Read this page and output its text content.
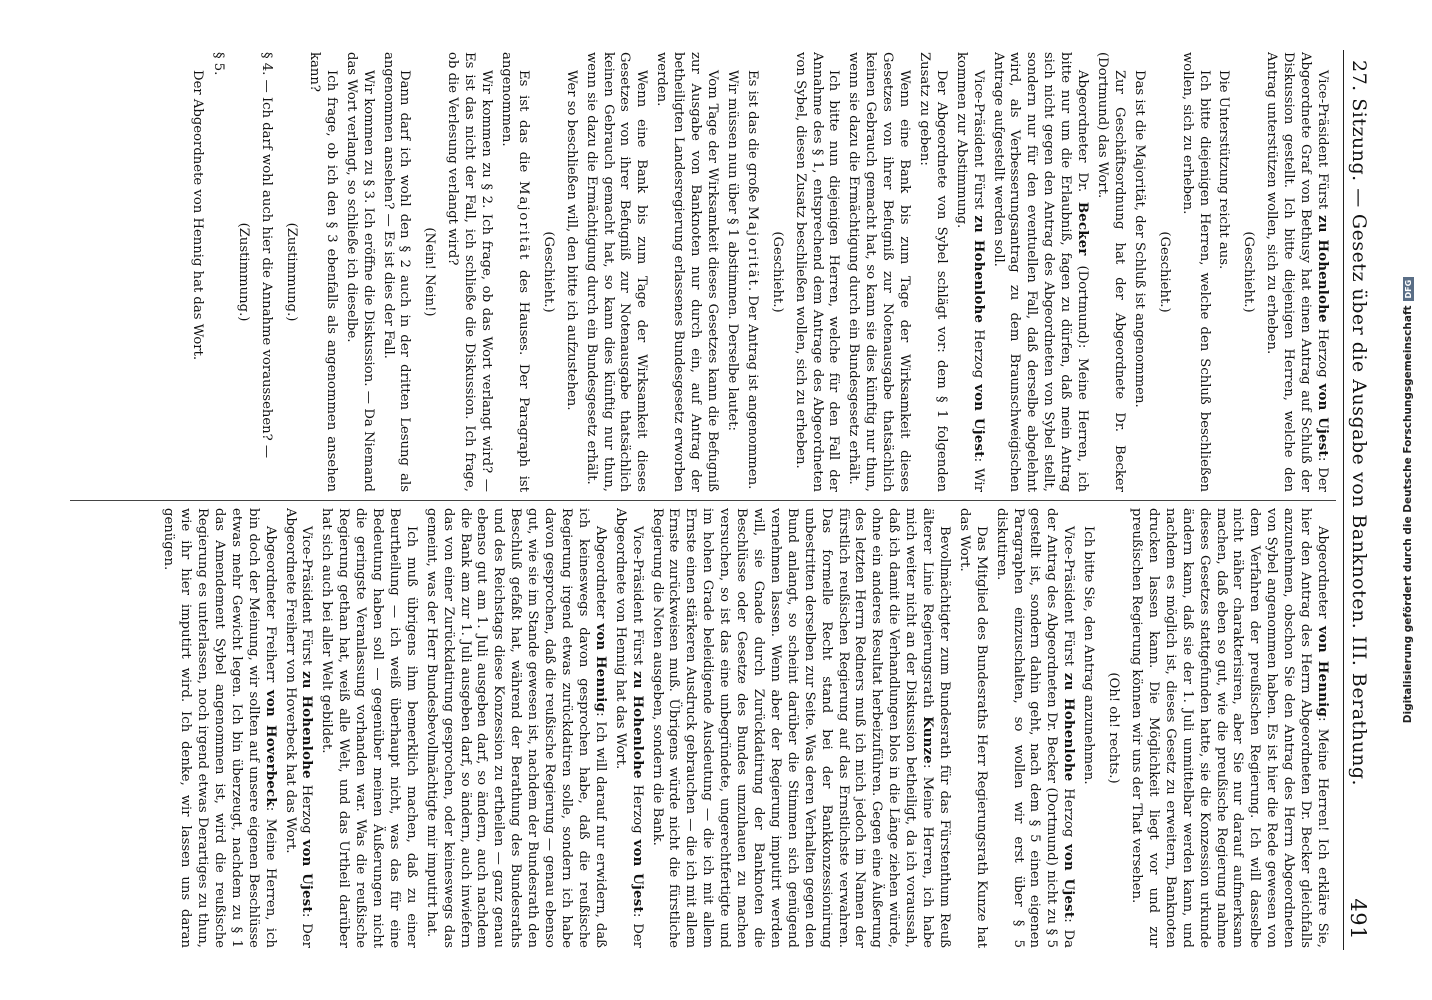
27. Sitzung. —
Gesetz über die Ausgabe von Banknoten. III. Berathung.
491

Vice-Präsident Fürst zu Hohenlohe Herzog von Ujest: Der Abgeordnete Graf von Bethusy hat einen Antrag auf Schluß der Diskussion gestellt. Ich bitte diejenigen Herren, welche den Antrag unterstützen wollen, sich zu erheben.

(Geschieht.)

Die Unterstützung reicht aus.

Ich bitte diejenigen Herren, welche den Schluß beschließen wollen, sich zu erheben.

(Geschieht.)

Das ist die Majorität, der Schluß ist angenommen.

Zur Geschäftsordnung hat der Abgeordnete Dr. Becker (Dortmund) das Wort.

Abgeordneter Dr. Becker (Dortmund): Meine Herren, ich bitte nur um die Erlaubniß, fagen zu dürfen, daß mein Antrag sich nicht gegen den Antrag des Abgeordneten von Sybel stellt, sondern nur für den eventuellen Fall, daß derselbe abgelehnt wird, als Verbesserungsantrag zu dem Braunschweigischen Antrage aufgestellt werden soll.

Vice-Präsident Fürst zu Hohenlohe Herzog von Ujest: Wir kommen zur Abstimmung.

Der Abgeordnete von Sybel schlägt vor: dem § 1 folgenden Zusatz zu geben:

Wenn eine Bank bis zum Tage der Wirksamkeit dieses Gesetzes von ihrer Befugniß zur Notenausgabe thatsächlich keinen Gebrauch gemacht hat, so kann sie dies künftig nur thun, wenn sie dazu die Ermächtigung durch ein Bundesgesetz erhält.

Ich bitte nun diejenigen Herren, welche für den Fall der Annahme des § 1, entsprechend dem Antrage des Abgeordneten von Sybel, diesen Zusatz beschließen wollen, sich zu erheben.

(Geschieht.)

Es ist das die große Majorität. Der Antrag ist angenommen.

Wir müssen nun über § 1 abstimmen. Derselbe lautet:

Vom Tage der Wirksamkeit dieses Gesetzes kann die Befugniß zur Ausgabe von Banknoten nur durch ein, auf Antrag der betheiligten Landesregierung erlassenes Bundesgesetz erworben werden.

Wenn eine Bank bis zum Tage der Wirksamkeit dieses Gesetzes von ihrer Befugniß zur Notenausgabe thatsächlich keinen Gebrauch gemacht hat, so kann dies künftig nur thun, wenn sie dazu die Ermächtigung durch ein Bundesgesetz erhält.

Wer so beschließen will, den bitte ich aufzustehen.

(Geschieht.)

Es ist das die Majorität des Hauses. Der Paragraph ist angenommen.

Wir kommen zu § 2. Ich frage, ob das Wort verlangt wird? — Es ist das nicht der Fall, ich schließe die Diskussion. Ich frage, ob die Verlesung verlangt wird?

(Nein! Nein!)

Dann darf ich wohl den § 2 auch in der dritten Lesung als angenommen ansehen? — Es ist dies der Fall.

Wir kommen zu § 3. Ich eröffne die Diskussion. — Da Niemand das Wort verlangt, so schließe ich dieselbe.

Ich frage, ob ich den § 3 ebenfalls als angenommen ansehen kann?

(Zustimmung.)

§ 4. — Ich darf wohl auch hier die Annahme voraussehen? —

(Zustimmung.)

§ 5.

Der Abgeordnete von Hennig hat das Wort.

Abgeordneter von Hennig: Meine Herren! Ich erkläre Sie, hier den Antrag des Herrn Abgeordneten Dr. Becker gleichfalls anzunehmen, obschon Sie den Antrag des Herrn Abgeordneten von Sybel angenommen haben. Es ist hier die Rede gewesen von dem Verfahren der preußischen Regierung. Ich will dasselbe nicht näher charakterisiren, aber Sie nur darauf aufmerksam machen, daß eben so gut, wie die preußische Regierung nahme dieses Gesetzes stattgefunden hatte, sie die Konzession urkunde ändern kann, daß sie der 1. Juli unmittelbar werden kann, und nachdem es möglich ist, dieses Gesetz zu erweitern, Banknoten drucken lassen kann. Die Möglichkeit liegt vor und zur preußischen Regierung können wir uns der That versehen.

(Oh! oh! rechts.)

Ich bitte Sie, den Antrag anzunehmen.

Vice-Präsident Fürst zu Hohenlohe Herzog von Ujest: Da der Antrag des Abgeordneten Dr. Becker (Dortmund) nicht zu § 5 gestellt ist, sondern dahin geht, nach dem § 5 einen eigenen Paragraphen einzuschalten, so wollen wir erst über § 5 diskutiren.

Das Mitglied des Bundesraths Herr Regierungsrath Kunze hat das Wort.

Bevollmächtigter zum Bundesrath für das Fürstenthum Reuß älterer Linie Regierungsrath Kunze: Meine Herren, ich habe mich weiter nicht an der Diskussion betheiligt, da ich voraussah, daß ich damit die Verhandlungen blos in die Länge ziehen würde, ohne ein anderes Resultat herbeizuführen. Gegen eine Äußerung des letzten Herrn Redners muß ich mich jedoch im Namen der fürstlich reußischen Regierung auf das Ernstlichste verwahren. Das formelle Recht stand bei der Bankkonzessionirung unbestritten derselben zur Seite. Was deren Verhalten gegen den Bund anlangt, so scheint darüber die Stimmen sich genügend vernehmen lassen. Wenn aber der Regierung imputirt werden will, sie Gnade durch Zurückdatirung der Banknoten die Beschlüsse oder Gesetze des Bundes umzuhauen zu machen versuchen, so ist das eine unbegründete, ungerechtfertigte und im hohen Grade beleidigende Ausdeutung — die ich mit allem Ernste einen stärkeren Ausdruck gebrauchen — die ich mit allem Ernste zurückweisen muß. Übrigens würde nicht die fürstliche Regierung die Noten ausgeben, sondern die Bank.

Vice-Präsident Fürst zu Hohenlohe Herzog von Ujest: Der Abgeordnete von Hennig hat das Wort.

Abgeordneter von Hennig: Ich will darauf nur erwidern, daß ich keineswegs davon gesprochen habe, daß die reußische Regierung irgend etwas zurückdatiren solle, sondern ich habe davon gesprochen, daß die reußische Regierung — genau ebenso gut, wie sie im Stande gewesen ist, nachdem der Bundesrath den Beschluß gefaßt hat, während der Berathung des Bundesraths und des Reichstags diese Konzession zu ertheilen — ganz genau ebenso gut am 1. Juli ausgeben darf, so ändern, auch nachdem die Bank am zur 1. Juli ausgeben darf, so ändern, auch inwiefern das von einer Zurückdatirung gesprochen, oder keineswegs das gemeint, was der Herr Bundesbevollmächtigte mir imputirt hat.

Ich muß übrigens ihm bemerklich machen, daß zu einer Beurtheilung — ich weiß überhaupt nicht, was das für eine Bedeutung haben soll — gegenüber meinen Äußerungen nicht die geringste Veranlassung vorhanden war. Was die reußische Regierung gethan hat, weiß alle Welt, und das Urtheil darüber hat sich auch bei aller Welt gebildet.

Vice-Präsident Fürst zu Hohenlohe Herzog von Ujest: Der Abgeordnete Freiherr von Hoverbeck hat das Wort.

Abgeordneter Freiherr von Hoverbeck: Meine Herren, ich bin doch der Meinung, wir sollten auf unsere eigenen Beschlüsse etwas mehr Gewicht legen. Ich bin überzeugt, nachdem zu § 1 das Amendement Sybel angenommen ist, wird die reußische Regierung es unterlassen, noch irgend etwas Derartiges zu thun, wie ihr hier imputirt wird. Ich denke, wir lassen uns daran genügen.	Digitalisierung gefördert durch die Deutsche ForschungsgemeinschaftDFG
